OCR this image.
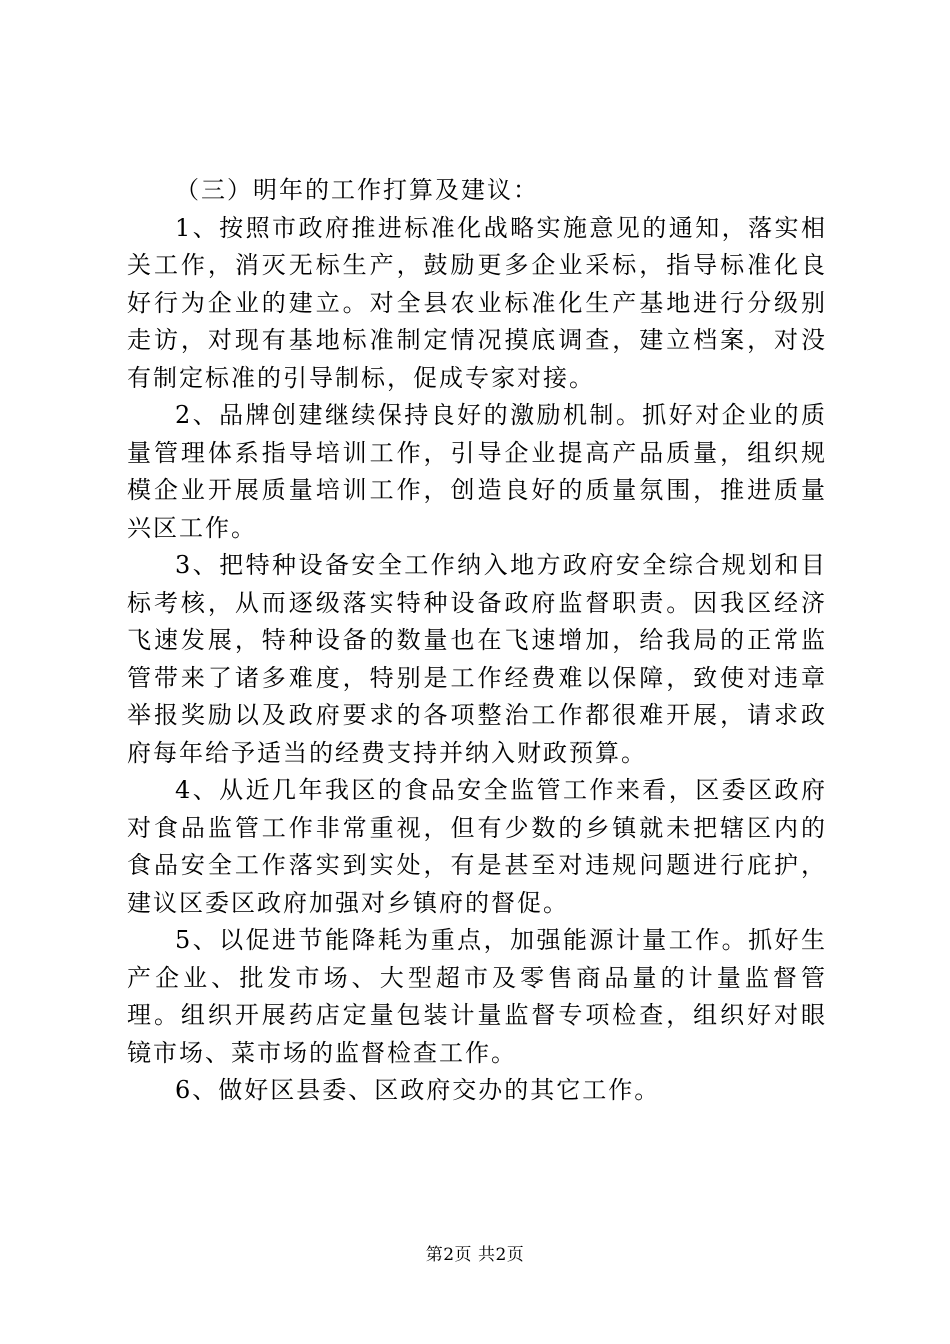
（三）明年的工作打算及建议：

1、按照市政府推进标准化战略实施意见的通知，落实相关工作，消灭无标生产，鼓励更多企业采标，指导标准化良好行为企业的建立。对全县农业标准化生产基地进行分级别走访，对现有基地标准制定情况摸底调查，建立档案，对没有制定标准的引导制标，促成专家对接。

2、品牌创建继续保持良好的激励机制。抓好对企业的质量管理体系指导培训工作，引导企业提高产品质量，组织规模企业开展质量培训工作，创造良好的质量氛围，推进质量兴区工作。

3、把特种设备安全工作纳入地方政府安全综合规划和目标考核，从而逐级落实特种设备政府监督职责。因我区经济飞速发展，特种设备的数量也在飞速增加，给我局的正常监管带来了诸多难度，特别是工作经费难以保障，致使对违章举报奖励以及政府要求的各项整治工作都很难开展，请求政府每年给予适当的经费支持并纳入财政预算。

4、从近几年我区的食品安全监管工作来看，区委区政府对食品监管工作非常重视，但有少数的乡镇就未把辖区内的食品安全工作落实到实处，有是甚至对违规问题进行庇护，建议区委区政府加强对乡镇府的督促。

5、以促进节能降耗为重点，加强能源计量工作。抓好生产企业、批发市场、大型超市及零售商品量的计量监督管理。组织开展药店定量包装计量监督专项检查，组织好对眼镜市场、菜市场的监督检查工作。

6、做好区县委、区政府交办的其它工作。

第2页 共2页
